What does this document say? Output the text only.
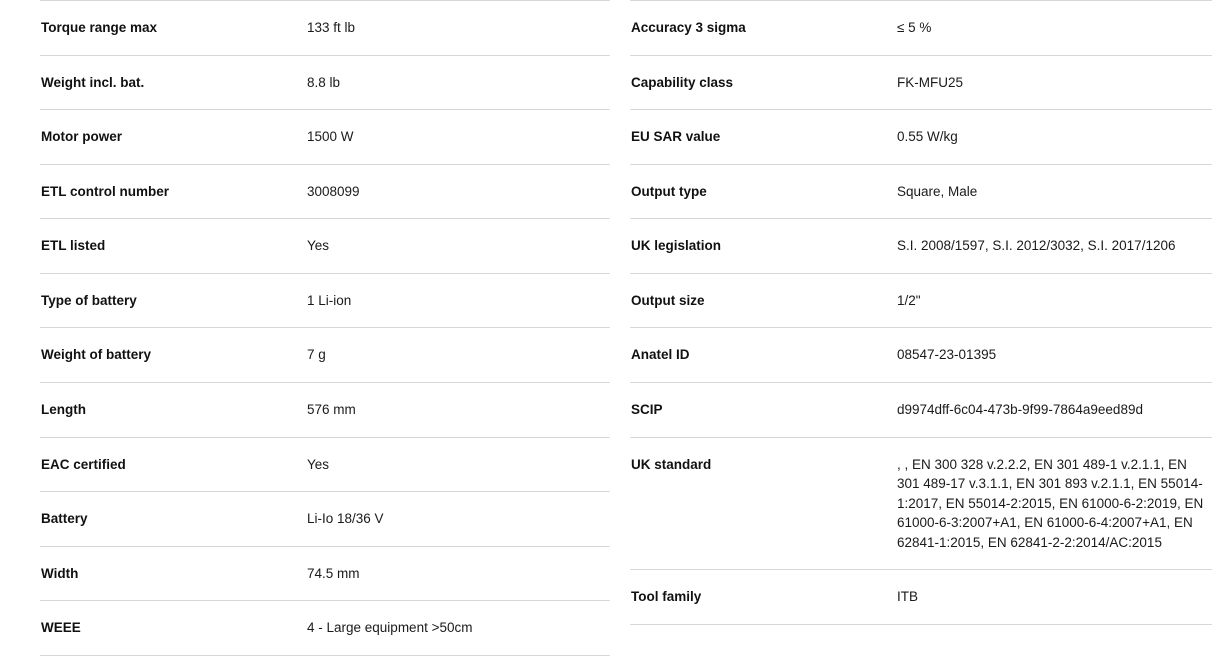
Torque range max	133 ft lb
Weight incl. bat.	8.8 lb
Motor power	1500 W
ETL control number	3008099
ETL listed	Yes
Type of battery	1 Li-ion
Weight of battery	7 g
Length	576 mm
EAC certified	Yes
Battery	Li-Io 18/36 V
Width	74.5 mm
WEEE	4 - Large equipment >50cm
Accuracy 3 sigma	≤ 5 %
Capability class	FK-MFU25
EU SAR value	0.55 W/kg
Output type	Square, Male
UK legislation	S.I. 2008/1597, S.I. 2012/3032, S.I. 2017/1206
Output size	1/2"
Anatel ID	08547-23-01395
SCIP	d9974dff-6c04-473b-9f99-7864a9eed89d
UK standard	, , EN 300 328 v.2.2.2, EN 301 489-1 v.2.1.1, EN 301 489-17 v.3.1.1, EN 301 893 v.2.1.1, EN 55014-1:2017, EN 55014-2:2015, EN 61000-6-2:2019, EN 61000-6-3:2007+A1, EN 61000-6-4:2007+A1, EN 62841-1:2015, EN 62841-2-2:2014/AC:2015

Tool family	ITB
